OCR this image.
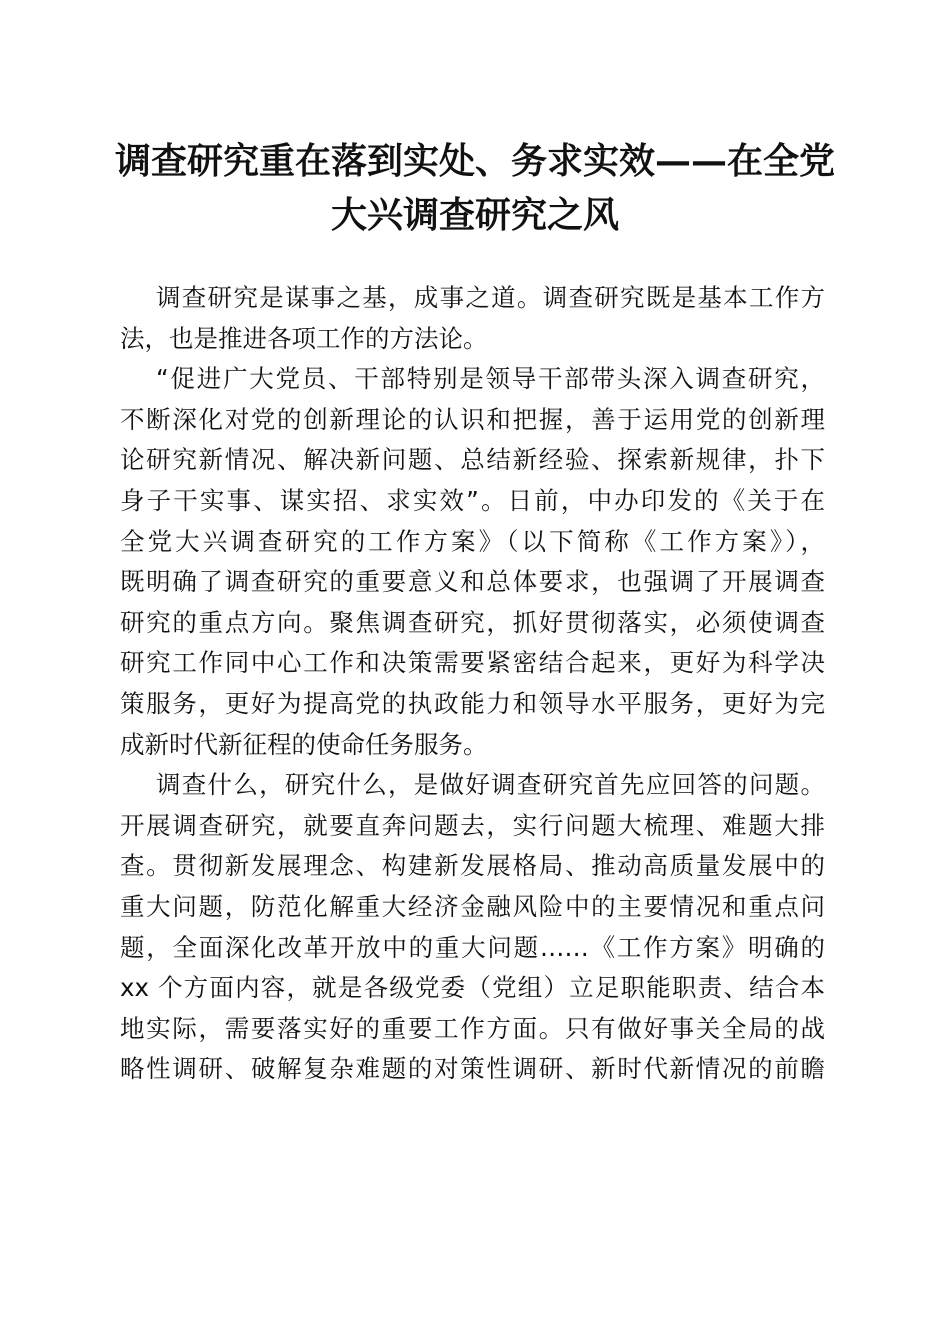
调查研究重在落到实处、务求实效——在全党
大兴调查研究之风

调查研究是谋事之基，成事之道。调查研究既是基本工作方
法，也是推进各项工作的方法论。

“促进广大党员、干部特别是领导干部带头深入调查研究，
不断深化对党的创新理论的认识和把握，善于运用党的创新理
论研究新情况、解决新问题、总结新经验、探索新规律，扑下
身子干实事、谋实招、求实效”。日前，中办印发的《关于在
全党大兴调查研究的工作方案》（以下简称《工作方案》），
既明确了调查研究的重要意义和总体要求，也强调了开展调查
研究的重点方向。聚焦调查研究，抓好贯彻落实，必须使调查
研究工作同中心工作和决策需要紧密结合起来，更好为科学决
策服务，更好为提高党的执政能力和领导水平服务，更好为完
成新时代新征程的使命任务服务。

调查什么，研究什么，是做好调查研究首先应回答的问题。
开展调查研究，就要直奔问题去，实行问题大梳理、难题大排
查。贯彻新发展理念、构建新发展格局、推动高质量发展中的
重大问题，防范化解重大经济金融风险中的主要情况和重点问
题，全面深化改革开放中的重大问题……《工作方案》明确的
xx 个方面内容，就是各级党委（党组）立足职能职责、结合本
地实际，需要落实好的重要工作方面。只有做好事关全局的战
略性调研、破解复杂难题的对策性调研、新时代新情况的前瞻
